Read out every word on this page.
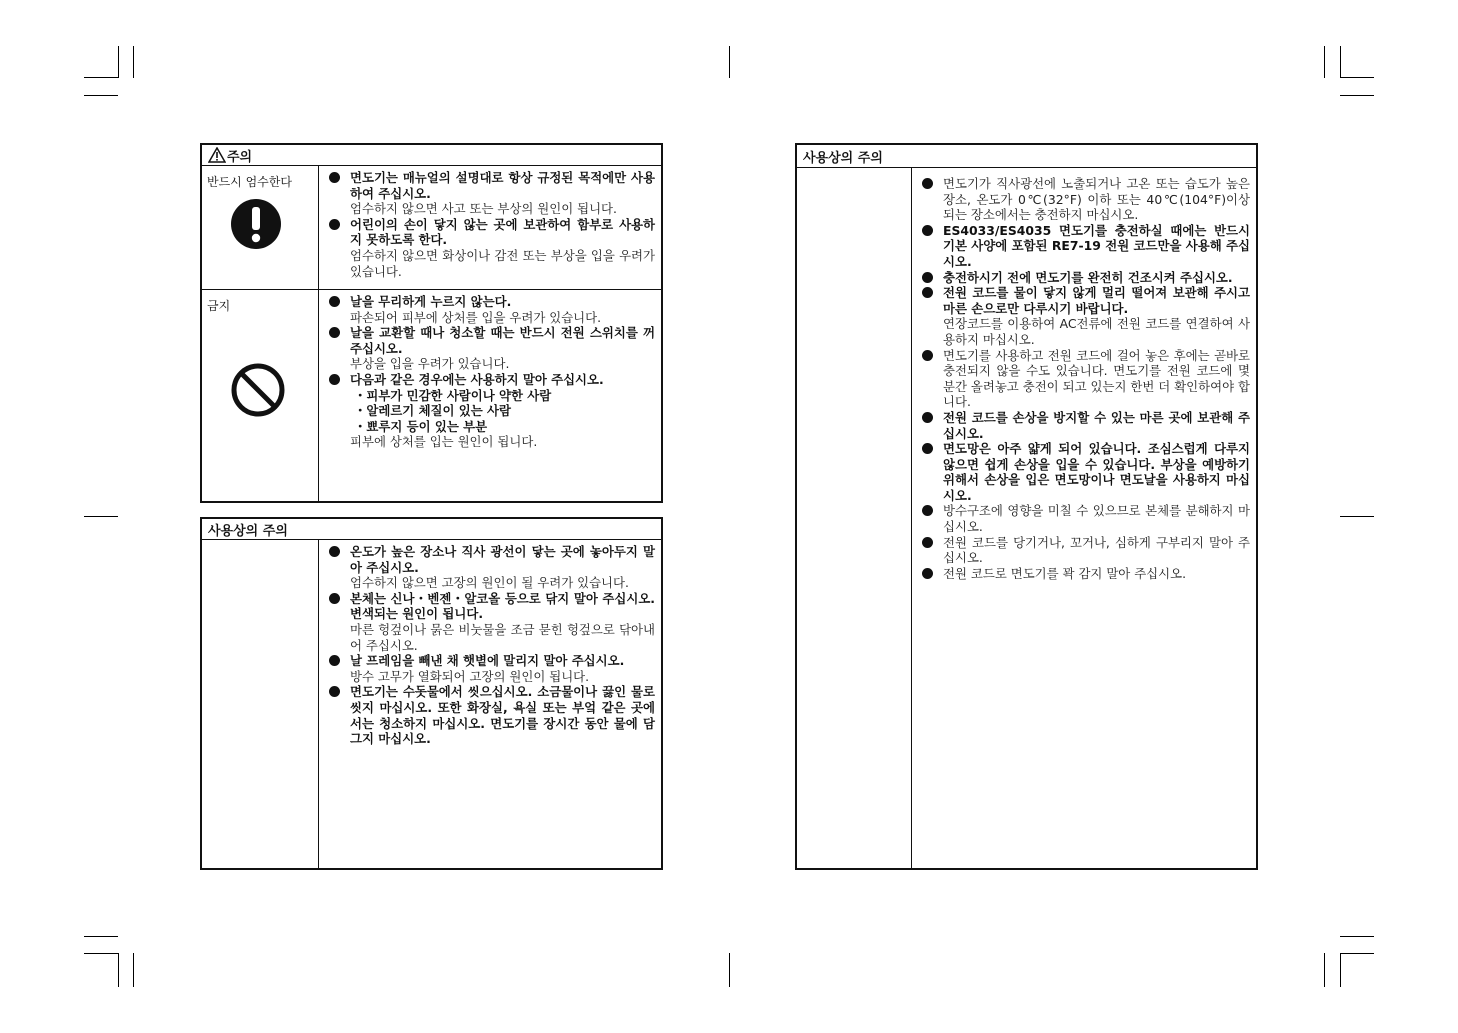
주의
반드시 엄수한다	면도기는 매뉴얼의 설명대로 항상 규정된 목적에만 사용하여 주십시오.
엄수하지 않으면 사고 또는 부상의 원인이 됩니다.
어린이의 손이 닿지 않는 곳에 보관하여 함부로 사용하지 못하도록 한다.
엄수하지 않으면 화상이나 감전 또는 부상을 입을 우려가 있습니다.
금지	날을 무리하게 누르지 않는다.
파손되어 피부에 상처를 입을 우려가 있습니다.
날을 교환할 때나 청소할 때는 반드시 전원 스위치를 꺼 주십시오.
부상을 입을 우려가 있습니다.
다음과 같은 경우에는 사용하지 말아 주십시오.
・ 피부가 민감한 사람이나 약한 사람
・ 알레르기 체질이 있는 사람
・ 뾰루지 등이 있는 부분
피부에 상처를 입는 원인이 됩니다.
사용상의 주의
온도가 높은 장소나 직사 광선이 닿는 곳에 놓아두지 말아 주십시오.
엄수하지 않으면 고장의 원인이 될 우려가 있습니다.
본체는 신나・벤젠・알코올 등으로 닦지 말아 주십시오. 변색되는 원인이 됩니다.
마른 헝겊이나 묽은 비눗물을 조금 묻힌 헝겊으로 닦아내어 주십시오.
날 프레임을 빼낸 채 햇볕에 말리지 말아 주십시오.
방수 고무가 열화되어 고장의 원인이 됩니다.
면도기는 수돗물에서 씻으십시오. 소금물이나 끓인 물로 씻지 마십시오. 또한 화장실, 욕실 또는 부엌 같은 곳에서는 청소하지 마십시오. 면도기를 장시간 동안 물에 담그지 마십시오.
사용상의 주의
면도기가 직사광선에 노출되거나 고온 또는 습도가 높은 장소, 온도가 0℃(32°F) 이하 또는 40℃(104°F)이상 되는 장소에서는 충전하지 마십시오.
ES4033/ES4035 면도기를 충전하실 때에는 반드시 기본 사양에 포함된 RE7-19 전원 코드만을 사용해 주십시오.
충전하시기 전에 면도기를 완전히 건조시켜 주십시오.
전원 코드를 물이 닿지 않게 멀리 떨어져 보관해 주시고 마른 손으로만 다루시기 바랍니다.
연장코드를 이용하여 AC전류에 전원 코드를 연결하여 사용하지 마십시오.
면도기를 사용하고 전원 코드에 걸어 놓은 후에는 곧바로 충전되지 않을 수도 있습니다. 면도기를 전원 코드에 몇 분간 올려놓고 충전이 되고 있는지 한번 더 확인하여야 합니다.
전원 코드를 손상을 방지할 수 있는 마른 곳에 보관해 주십시오.
면도망은 아주 얇게 되어 있습니다. 조심스럽게 다루지 않으면 쉽게 손상을 입을 수 있습니다. 부상을 예방하기 위해서 손상을 입은 면도망이나 면도날을 사용하지 마십시오.
방수구조에 영향을 미칠 수 있으므로 본체를 분해하지 마십시오.
전원 코드를 당기거나, 꼬거나, 심하게 구부리지 말아 주십시오.
전원 코드로 면도기를 꽉 감지 말아 주십시오.
